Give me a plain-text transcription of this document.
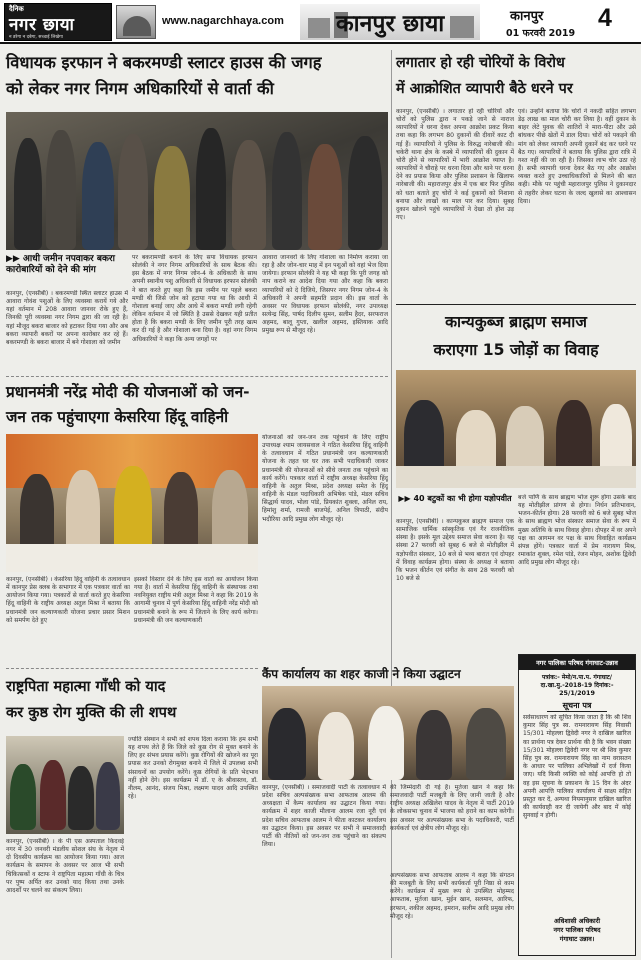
दैनिक
नगर छाया
न डरेगा न दबेगा, सच्चाई लिखेगा
www.nagarchhaya.com कानपुर छाया	कानपुर
01 फरवरी 2019
4
विधायक इरफान ने बकरमण्डी स्लाटर हाउस की जगह
को लेकर नगर निगम अधिकारियों से वार्ता की
▶▶ आधी जमीन नपवाकर बकरा कारोबारियों को देने की मांग
कानपुर, (एनसीबी) । बकरमण्डी स्थित स्लाटर हाउस में आवारा गोवंश पशुओं के लिए व्यवस्था करायें गये और यहां वर्तमान में 208 आवारा जानवर रोके हुए हैं, जिनकी पूरी व्यवस्था नगर निगम द्वारा की जा रही है। यहां मौजूद बकरा बाजार को हटाकर दिया गया और अब बकरा व्यापारी बकरों पर अपना कारोबार कर रहे हैं। बकरमण्डी के बकरा बाजार में बने गोशाला को जमीन
पर बकरामण्डी बनाने के लिए सपा विधायक इरफान सोलंकी ने नगर निगम अधिकारियों के साथ बैठक की। इस बैठक में नगर निगम जोन-4 के अधिकारी के साथ अपनी स्थानीय पशु अधिकारी से विधायक इरफान सोलंकी ने बात करते हुए कहा कि इस जमीन पर पहले बकरा मण्डी थी जिसे जोन को हटाया गया था कि आधी में गोशाला बनाई जाए और आधे में बकरा मण्डी लगी रहेगी लेकिन वर्तमान में जो स्थिति है उससे देखकर यही प्रतीत होता है कि बकरा मण्डी के लिए जमीन पूरी तरह खत्म कर दी गई है और गोशाला बना दिया है। वहां नगर निगम अधिकारियों ने कहा कि अन्य जगहों पर
आवारा जानवरों के लिए गोशाला का निर्माण कराया जा रहा है और जोन-चार माह में इन पशुओं को वहां भेज दिया जायेगा। इरफान सोलंकी ने यह भी कहा कि पूरी जगह को नाप कराने का आदेश दिया गया और कहा कि बकरा व्यापारियों को दे दिजिये, जिसपर नगर निगम जोन-4 के अधिकारी ने अपनी सहमति प्रदान की। इस वार्ता के अवसर पर विधायक इरफान सोलंकी, नगर उपाध्यक्ष सत्येन्द्र सिंह, पार्षद दिलीप सुमन, सलीम हैदर, सरफराज अहमद, बालू गुप्ता, खलील अहमद, इस्तियाक आदि प्रमुख रूप से मौजूद रहे।
लगातार हो रही चोरियों के विरोध
में आक्रोशित व्यापारी बैठे धरने पर
कानपुर, (एनसीबी) । लगातार हो रही चोरियों और चोरों को पुलिस द्वारा न पकड़े जाने से नाराज व्यापारियों ने धरना देकर अपना आक्रोश प्रकट किया तथा कहा कि लगभग 80 दुकानों की दीवारें काट दी गई हैं। व्यापारियों ने पुलिस के विरुद्ध नारेबाजी की। चकेरी थाना क्षेत्र के कस्बे में व्यापारियों की दुकान में चोरी होने से व्यापारियों में भारी आक्रोश व्याप्त है। व्यापारियों ने चौराहे पर धरना दिया और थाने पर धरना देने का प्रयास किया और पुलिस प्रशासन के खिलाफ नारेबाजी की। महाराजपुर क्षेत्र में एक बार फिर पुलिस को धता बताते हुए चोरों ने कई दुकानों को निशाना बनाया और लाखों का माल पार कर दिया। सुबह दुकान खोलने पहुंचे व्यापारियों ने देखा तो होश उड़ गए।
एवं। उन्होंने बताया कि चोरों ने नकदी सहित लगभग डेढ़ लाख का माल चोरी कर लिया है। वहीं दुकान के बाहर लेटे युवक की शातिरों ने मारा-पीटा और उसे बांधकर पीछे खेतों में डाल दिया। चोरों को पकड़ने की मांग को लेकर व्यापारी अपनी दुकानें बंद कर धरने पर बैठ गए। व्यापारियों ने बताया कि पुलिस द्वारा रात्रि में गश्त नहीं की जा रही है। जिसका लाभ चोर उठा रहे हैं। सभी व्यापारी धरना देकर बैठ गए और आक्रोश व्यक्त करते हुए उच्चाधिकारियों से मिलने की बात कही। मौके पर पहुंची महाराजपुर पुलिस ने दुकानदार से तहरीर लेकर घटना के जल्द खुलासे का आश्वासन दिया।
प्रधानमंत्री नरेंद्र मोदी की योजनाओं को जन-
जन तक पहुंचाएगा केसरिया हिंदू वाहिनी
कानपुर, (एनसीबी) । केसरिया हिंदू वाहिनी के तत्वावधान में कानपुर प्रेस क्लब के सभागार में एक पत्रकार वार्ता का आयोजन किया गया। पत्रकारों से वार्ता करते हुए केसरिया हिंदू वाहिनी के राष्ट्रीय अध्यक्ष अतुल मिश्रा ने बताया कि प्रधानमंत्री जन कल्याणकारी योजना प्रचार प्रसार मिशन को समर्पण देते हुए
इसको विस्तार देने के लिए इस वार्ता का आयोजन किया गया है। वार्ता में केसरिया हिंदू वाहिनी के संस्थापक तथा नवनियुक्त राष्ट्रीय मंत्री अतुल मिश्रा ने कहा कि 2019 के आगामी चुनाव में पूर्ण केसरिया हिंदू वाहिनी नरेंद्र मोदी को प्रधानमंत्री बनाने के रूप में जिताने के लिए कार्य करेगा। प्रधानमंत्री की जन कल्याणकारी
योजनाओं को जन-जन तक पहुंचाने के लिए राष्ट्रीय उपाध्यक्ष श्याम जायसवाल ने गठित केसरिया हिंदू वाहिनी के तत्वावधान में गठित प्रधानमंत्री जन कल्याणकारी योजना के तहत घर घर तक सभी पदाधिकारी जाकर प्रधानमंत्री की योजनाओं को सीधे जनता तक पहुंचाने का कार्य करेंगे। पत्रकार वार्ता में राष्ट्रीय अध्यक्ष केसरिया हिंदू वाहिनी के अतुल मिश्रा, प्रदेश अध्यक्ष समेत के हिंदू वाहिनी के मंडल पदाधिकारी अभिषेक पांडे, मंडल सचिव सिद्धार्थ यादव, भोला पांडे, प्रियकांत शुक्ला, अनिल राय, हिमांशु शर्मा, रामजी बाजपेई, अनिल त्रिपाठी, संदीप भदौरिया आदि प्रमुख लोग मौजूद रहे।
कान्यकुब्ज ब्राह्मण समाज
कराएगा 15 जोड़ों का विवाह
▶▶ 40 बटुकों का भी होगा यज्ञोपवीत
कानपुर, (एनसीबी) । कान्यकुब्ज ब्राह्मण समाज एक सामाजिक धार्मिक सांस्कृतिक एवं गैर राजनीतिक संस्था है। इसके मूल उद्देश्य समाज सेवा करना है। यह संस्था 27 फरवरी को सुबह 6 बजे से मोतीझील में यज्ञोपवीत संस्कार, 10 बजे से भव्य बारात एवं दोपहर में विवाह कार्यक्रम होगा। संस्था के अध्यक्ष ने बताया कि भजन कीर्तन एवं संगीत के साथ 28 फरवरी को 10 बजे से
बजे पाणि के साथ ब्राह्मण भोज शुरू होगा उसके बाद यह मोतीझील प्रांगण से होगा। निर्धन प्रतिभावान, भजन-कीर्तन होगा। 28 फरवरी को 6 बजे सुबह भोज के साथ ब्राह्मण भोज संस्कार समाज सेवा के रूप में मुख्य अतिथि के साथ विवाह होगा। दोपहर में वर अपने पक्ष का आगमन वर पक्ष के साथ विवाहित कार्यक्रम संपन्न होंगे। पत्रकार वार्ता में प्रेम नारायण मिश्र, रमाकांत शुक्ल, रमेश पांडे, रंजन मोहन, अशोक द्विवेदी आदि प्रमुख लोग मौजूद रहे।
नगर पालिका परिषद गंगाघाट-उन्नाव
पत्रांक:- मेमो/न.पा.प. गंगाघाट/
दा.खा.मु.-2018-19 दिनांक:-
25/1/2019
सूचना पत्र
सर्वसाधारण को सूचित किया जाता है कि श्री शिव कुमार सिंह पुत्र स्व. रामनारायण सिंह निवासी 15/301 मोहल्ला द्विवेदी नगर ने दाखिल खारिज का प्रार्थना पत्र देकर प्रार्थना की है कि भवन संख्या 15/301 मोहल्ला द्विवेदी नगर पर श्री शिव कुमार सिंह पुत्र स्व. रामनारायण सिंह का नाम वरासतन के आधार पर पालिका अभिलेखों में दर्ज किया जाए। यदि किसी व्यक्ति को कोई आपत्ति हो तो वह इस सूचना के प्रकाशन के 15 दिन के अंदर अपनी आपत्ति पालिका कार्यालय में साक्ष्य सहित प्रस्तुत कर दें, अन्यथा नियमानुसार दाखिल खारिज की कार्यवाही कर दी जायेगी और बाद में कोई सुनवाई न होगी।
अधिशासी अधिकारी
नगर पालिका परिषद
गंगाघाट उन्नाव।
राष्ट्रपिता महात्मा गाँधी को याद
कर कुष्ठ रोग मुक्ति की ली शपथ
कानपुर, (एनसीबी) । के पी एस अस्पताल किदवई नगर में 30 जनवरी मंडलीय सोशल संघ के नेतृत्व में दो दिवसीय कार्यक्रम का आयोजन किया गया। आज कार्यक्रम के समापन के अवसर पर आज भी सभी चिकित्सकों व स्टाफ ने राष्ट्रपिता महात्मा गाँधी के चित्र पर पुष्प अर्पित कर उनको याद किया तथा उनके आदर्शों पर चलने का संकल्प लिया।
ज्योति संस्थान ने सभी को शपथ दिला कराया कि हम सभी यह शपथ लेते हैं कि जिले को कुष्ठ रोग से मुक्त बनाने के लिए हर संभव प्रयास करेंगे। कुष्ठ रोगियों की खोजने का पूरा प्रयास कर उनको रोगमुक्त बनाने में जिले में उपलब्ध सभी संसाधनों का उपयोग करेंगे। कुष्ठ रोगियों के प्रति भेदभाव नहीं होने देंगे। इस कार्यक्रम में डॉ. ए के श्रीवास्तव, डॉ. नीलम, आनंद, संजय मिश्रा, लक्ष्मण यादव आदि उपस्थित रहे।
कैंप कार्यालय का शहर काजी ने किया उद्घाटन
कानपुर, (एनसीबी) । समाजवादी पार्टी के तत्वावधान में प्रदेश सचिव अल्पसंख्यक सभा आफताब आलम की अध्यक्षता में कैम्प कार्यालय का उद्घाटन किया गया। कार्यक्रम में शहर काजी मौलाना आलम रजा नूरी एवं प्रदेश सचिव आफताब आलम ने फीता काटकर कार्यालय का उद्घाटन किया। इस अवसर पर सभी ने समाजवादी पार्टी की नीतियों को जन-जन तक पहुंचाने का संकल्प लिया।
की जिम्मेदारी दी गई है। मुर्तजा खान ने कहा कि समाजवादी पार्टी मजबूती के लिए जानी जाती है और राष्ट्रीय अध्यक्ष अखिलेश यादव के नेतृत्व में पार्टी 2019 के लोकसभा चुनाव में भाजपा को हराने का काम करेगी। इस अवसर पर अल्पसंख्यक सभा के पदाधिकारी, पार्टी कार्यकर्ता एवं क्षेत्रीय लोग मौजूद रहे।
अल्पसंख्यक सभा आफताब आलम ने कहा कि संगठन की मजबूती के लिए सभी कार्यकर्ता पूरी निष्ठा से काम करेंगे। कार्यक्रम में मुख्य रूप से उपस्थित मोहम्मद आफताब, मुर्तजा खान, मुईन खान, सलमान, आरिफ, इरफान, शकील अहमद, इमरान, सलीम आदि प्रमुख लोग मौजूद रहे।
